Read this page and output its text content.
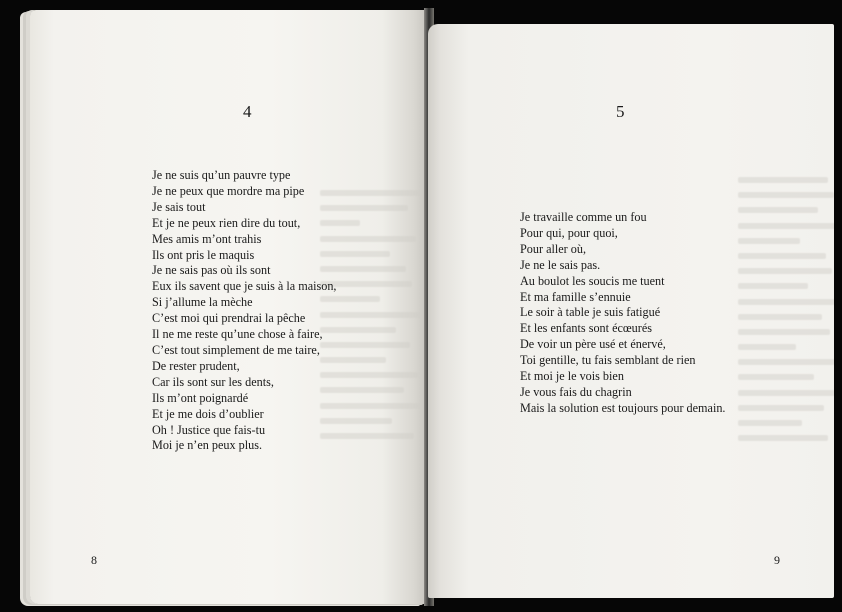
4
Je ne suis qu’un pauvre type
Je ne peux que mordre ma pipe
Je sais tout
Et je ne peux rien dire du tout,
Mes amis m’ont trahis
Ils ont pris le maquis
Je ne sais pas où ils sont
Eux ils savent que je suis à la maison,
Si j’allume la mèche
C’est moi qui prendrai la pêche
Il ne me reste qu’une chose à faire,
C’est tout simplement de me taire,
De rester prudent,
Car ils sont sur les dents,
Ils m’ont poignardé
Et je me dois d’oublier
Oh ! Justice que fais-tu
Moi je n’en peux plus.
8
5
Je travaille comme un fou
Pour qui, pour quoi,
Pour aller où,
Je ne le sais pas.
Au boulot les soucis me tuent
Et ma famille s’ennuie
Le soir à table je suis fatigué
Et les enfants sont écœurés
De voir un père usé et énervé,
Toi gentille, tu fais semblant de rien
Et moi je le vois bien
Je vous fais du chagrin
Mais la solution est toujours pour demain.
9
